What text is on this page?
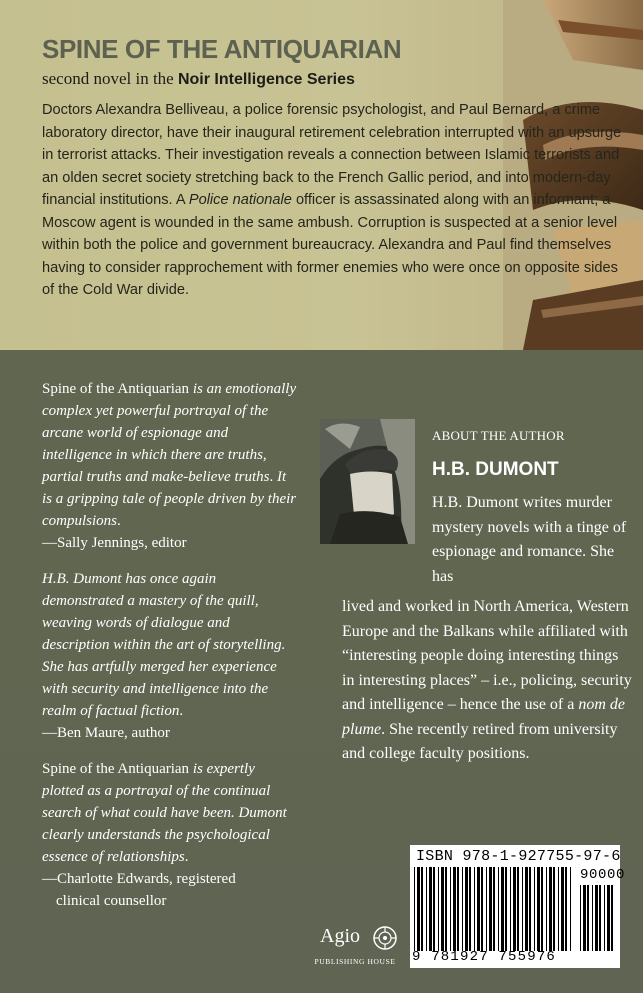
SPINE OF THE ANTIQUARIAN
second novel in the Noir Intelligence Series

Doctors Alexandra Belliveau, a police forensic psychologist, and Paul Bernard, a crime laboratory director, have their inaugural retirement celebration interrupted with an upsurge in terrorist attacks. Their investigation reveals a connection between Islamic terrorists and an olden secret society stretching back to the French Gallic period, and into modern-day financial institutions. A Police nationale officer is assassinated along with an informant; a Moscow agent is wounded in the same ambush. Corruption is suspected at a senior level within both the police and government bureaucracy. Alexandra and Paul find themselves having to consider rapprochement with former enemies who were once on opposite sides of the Cold War divide.

Spine of the Antiquarian is an emotionally complex yet powerful portrayal of the arcane world of espionage and intelligence in which there are truths, partial truths and make-believe truths. It is a gripping tale of people driven by their compulsions.
—Sally Jennings, editor

H.B. Dumont has once again demonstrated a mastery of the quill, weaving words of dialogue and description within the art of storytelling. She has artfully merged her experience with security and intelligence into the realm of factual fiction.
—Ben Maure, author

Spine of the Antiquarian is expertly plotted as a portrayal of the continual search of what could have been. Dumont clearly understands the psychological essence of relationships.
—Charlotte Edwards, registered
clinical counsellor

ABOUT THE AUTHOR
H.B. DUMONT
H.B. Dumont writes murder mystery novels with a tinge of espionage and romance. She has
lived and worked in North America, Western Europe and the Balkans while affiliated with “interesting people doing interesting things in interesting places” – i.e., policing, security and intelligence – hence the use of a nom de plume. She recently retired from university and college faculty positions.
Agio
PUBLISHING HOUSE
ISBN 978-1-927755-97-6
90000
9 781927 755976
